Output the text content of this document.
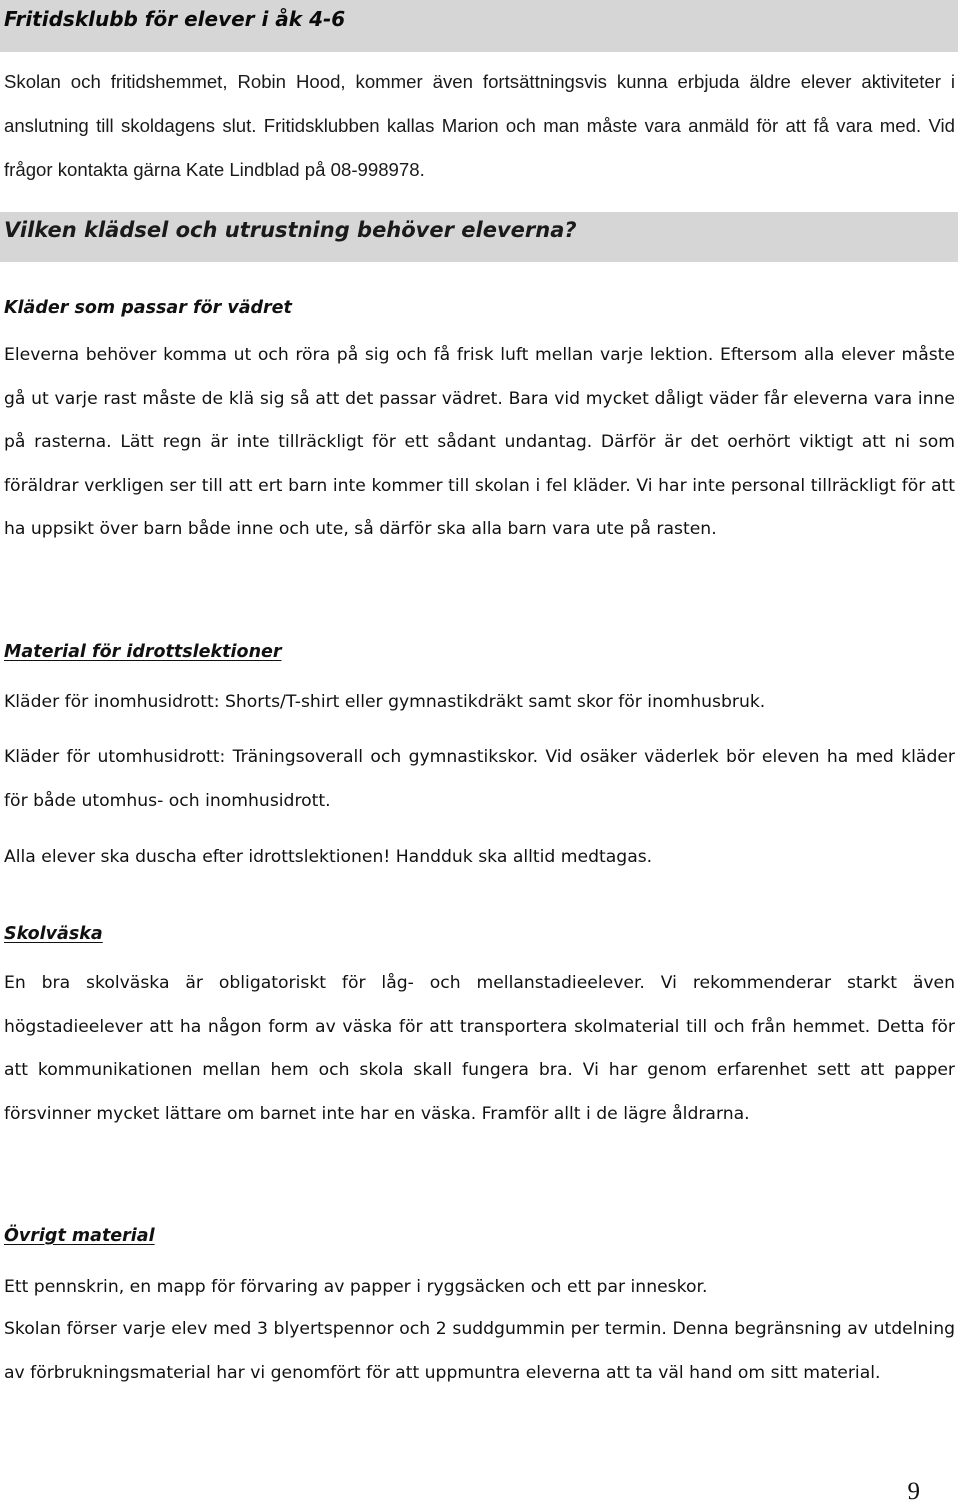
Fritidsklubb för elever i åk 4-6

Skolan och fritidshemmet, Robin Hood, kommer även fortsättningsvis kunna erbjuda äldre elever aktiviteter i anslutning till skoldagens slut. Fritidsklubben kallas Marion och man måste vara anmäld för att få vara med. Vid frågor kontakta gärna Kate Lindblad på 08-998978.

Vilken klädsel och utrustning behöver eleverna?
Kläder som passar för vädret

Eleverna behöver komma ut och röra på sig och få frisk luft mellan varje lektion. Eftersom alla elever måste gå ut varje rast måste de klä sig så att det passar vädret. Bara vid mycket dåligt väder får eleverna vara inne på rasterna. Lätt regn är inte tillräckligt för ett sådant undantag. Därför är det oerhört viktigt att ni som föräldrar verkligen ser till att ert barn inte kommer till skolan i fel kläder. Vi har inte personal tillräckligt för att ha uppsikt över barn både inne och ute, så därför ska alla barn vara ute på rasten.

Material för idrottslektioner

Kläder för inomhusidrott: Shorts/T-shirt eller gymnastikdräkt samt skor för inomhusbruk.

Kläder för utomhusidrott: Träningsoverall och gymnastikskor. Vid osäker väderlek bör eleven ha med kläder för både utomhus- och inomhusidrott.

Alla elever ska duscha efter idrottslektionen! Handduk ska alltid medtagas.

Skolväska

En bra skolväska är obligatoriskt för låg- och mellanstadieelever. Vi rekommenderar starkt även högstadieelever att ha någon form av väska för att transportera skolmaterial till och från hemmet. Detta för att kommunikationen mellan hem och skola skall fungera bra. Vi har genom erfarenhet sett att papper försvinner mycket lättare om barnet inte har en väska. Framför allt i de lägre åldrarna.

Övrigt material

Ett pennskrin, en mapp för förvaring av papper i ryggsäcken och ett par inneskor.

Skolan förser varje elev med 3 blyertspennor och 2 suddgummin per termin. Denna begränsning av utdelning av förbrukningsmaterial har vi genomfört för att uppmuntra eleverna att ta väl hand om sitt material.

9
